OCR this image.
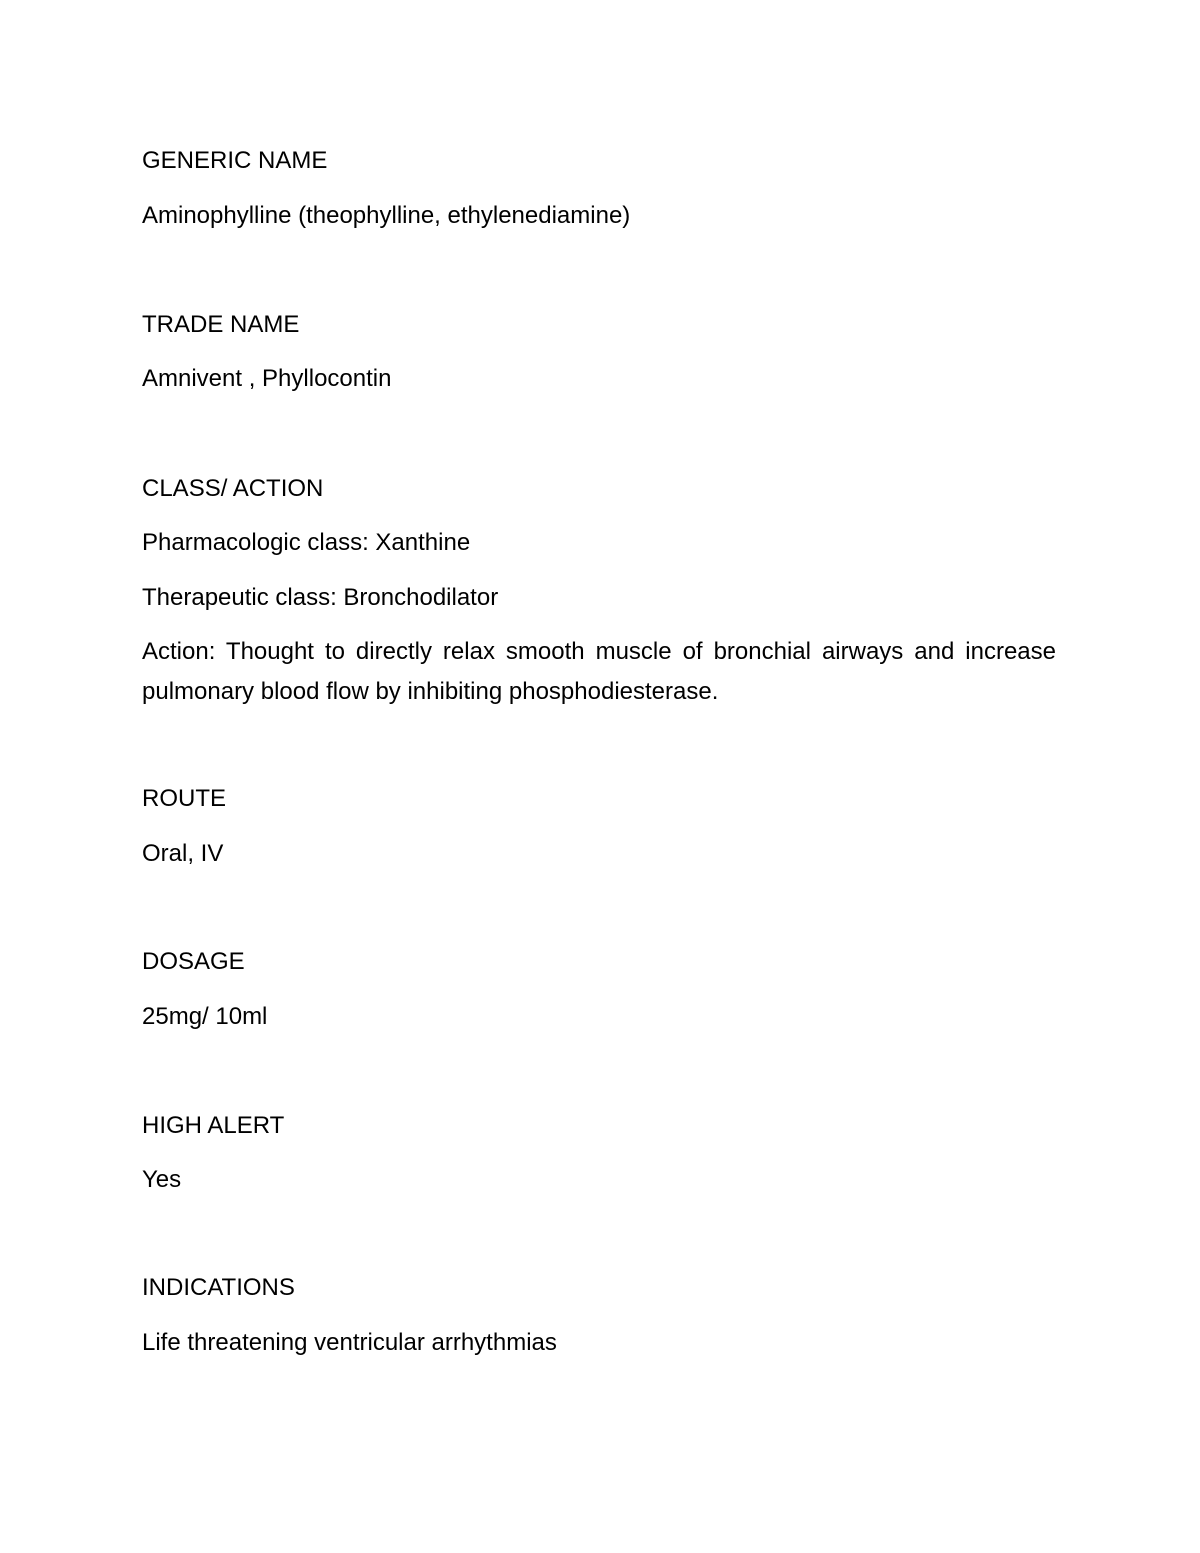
GENERIC NAME
Aminophylline (theophylline, ethylenediamine)
TRADE NAME
Amnivent , Phyllocontin
CLASS/ ACTION
Pharmacologic class: Xanthine
Therapeutic class: Bronchodilator
Action: Thought to directly relax smooth muscle of bronchial airways and increase pulmonary blood flow by inhibiting phosphodiesterase.
ROUTE
Oral, IV
DOSAGE
25mg/ 10ml
HIGH ALERT
Yes
INDICATIONS
Life threatening ventricular arrhythmias
